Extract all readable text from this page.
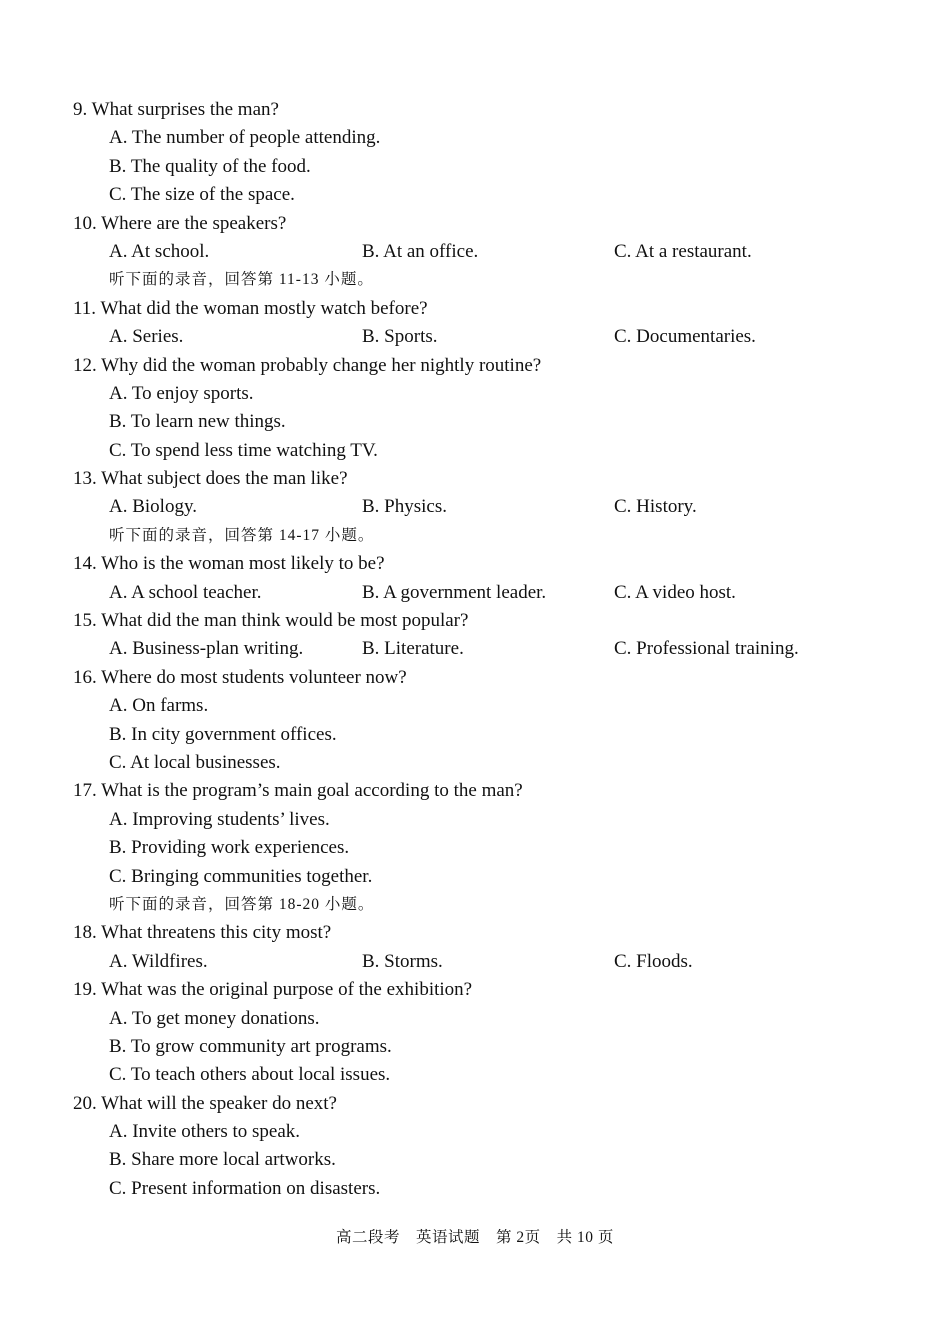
9. What surprises the man?
A. The number of people attending.
B. The quality of the food.
C. The size of the space.
10. Where are the speakers?
A. At school.	B. At an office.	C. At a restaurant.
听下面的录音，回答第 11-13 小题。
11. What did the woman mostly watch before?
A. Series.	B. Sports.	C. Documentaries.
12. Why did the woman probably change her nightly routine?
A. To enjoy sports.
B. To learn new things.
C. To spend less time watching TV.
13. What subject does the man like?
A. Biology.	B. Physics.	C. History.
听下面的录音，回答第 14-17 小题。
14. Who is the woman most likely to be?
A. A school teacher.	B. A government leader.	C. A video host.
15. What did the man think would be most popular?
A. Business-plan writing.	B. Literature.	C. Professional training.
16. Where do most students volunteer now?
A. On farms.
B. In city government offices.
C. At local businesses.
17. What is the program’s main goal according to the man?
A. Improving students’ lives.
B. Providing work experiences.
C. Bringing communities together.
听下面的录音，回答第 18-20 小题。
18. What threatens this city most?
A. Wildfires.	B. Storms.	C. Floods.
19. What was the original purpose of the exhibition?
A. To get money donations.
B. To grow community art programs.
C. To teach others about local issues.
20. What will the speaker do next?
A. Invite others to speak.
B. Share more local artworks.
C. Present information on disasters.
高二段考　英语试题　第 2页　共 10 页
